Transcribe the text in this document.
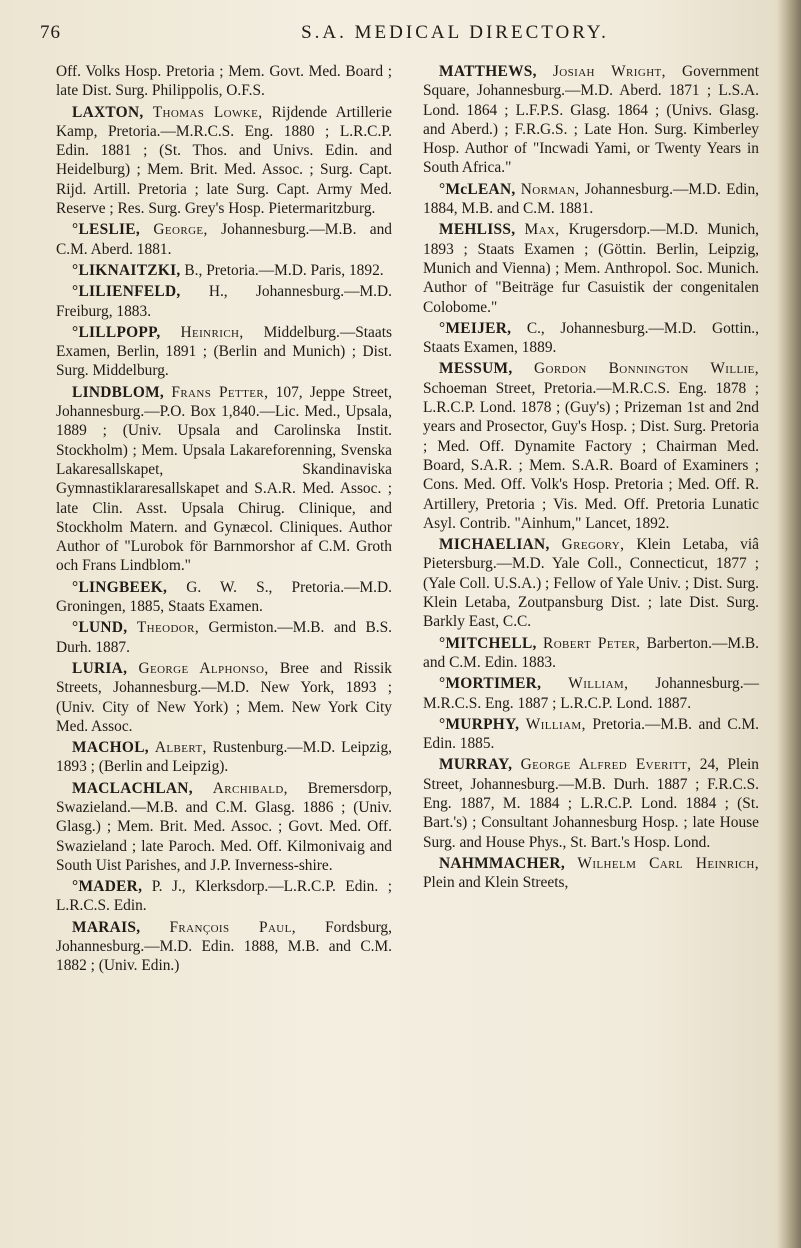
76	S.A. MEDICAL DIRECTORY.

Off. Volks Hosp. Pretoria ; Mem. Govt. Med. Board ; late Dist. Surg. Philippolis, O.F.S.

LAXTON, Thomas Lowke, Rijdende Artillerie Kamp, Pretoria.—M.R.C.S. Eng. 1880 ; L.R.C.P. Edin. 1881 ; (St. Thos. and Univs. Edin. and Heidelburg) ; Mem. Brit. Med. Assoc. ; Surg. Capt. Rijd. Artill. Pretoria ; late Surg. Capt. Army Med. Reserve ; Res. Surg. Grey's Hosp. Pietermaritzburg.

°LESLIE, George, Johannesburg.—M.B. and C.M. Aberd. 1881.

°LIKNAITZKI, B., Pretoria.—M.D. Paris, 1892.

°LILIENFELD, H., Johannesburg.—M.D. Freiburg, 1883.

°LILLPOPP, Heinrich, Middelburg.—Staats Examen, Berlin, 1891 ; (Berlin and Munich) ; Dist. Surg. Middelburg.

LINDBLOM, Frans Petter, 107, Jeppe Street, Johannesburg.—P.O. Box 1,840.—Lic. Med., Upsala, 1889 ; (Univ. Upsala and Carolinska Instit. Stockholm) ; Mem. Upsala Lakareforenning, Svenska Lakaresallskapet, Skandinaviska Gymnastiklararesallskapet and S.A.R. Med. Assoc. ; late Clin. Asst. Upsala Chirug. Clinique, and Stockholm Matern. and Gynæcol. Cliniques. Author Author of "Lurobok för Barnmorshor af C.M. Groth och Frans Lindblom."

°LINGBEEK, G. W. S., Pretoria.—M.D. Groningen, 1885, Staats Examen.

°LUND, Theodor, Germiston.—M.B. and B.S. Durh. 1887.

LURIA, George Alphonso, Bree and Rissik Streets, Johannesburg.—M.D. New York, 1893 ; (Univ. City of New York) ; Mem. New York City Med. Assoc.

MACHOL, Albert, Rustenburg.—M.D. Leipzig, 1893 ; (Berlin and Leipzig).

MACLACHLAN, Archibald, Bremersdorp, Swazieland.—M.B. and C.M. Glasg. 1886 ; (Univ. Glasg.) ; Mem. Brit. Med. Assoc. ; Govt. Med. Off. Swazieland ; late Paroch. Med. Off. Kilmonivaig and South Uist Parishes, and J.P. Inverness-shire.

°MADER, P. J., Klerksdorp.—L.R.C.P. Edin. ; L.R.C.S. Edin.

MARAIS, François Paul, Fordsburg, Johannesburg.—M.D. Edin. 1888, M.B. and C.M. 1882 ; (Univ. Edin.)

MATTHEWS, Josiah Wright, Government Square, Johannesburg.—M.D. Aberd. 1871 ; L.S.A. Lond. 1864 ; L.F.P.S. Glasg. 1864 ; (Univs. Glasg. and Aberd.) ; F.R.G.S. ; Late Hon. Surg. Kimberley Hosp. Author of "Incwadi Yami, or Twenty Years in South Africa."

°McLEAN, Norman, Johannesburg.—M.D. Edin, 1884, M.B. and C.M. 1881.

MEHLISS, Max, Krugersdorp.—M.D. Munich, 1893 ; Staats Examen ; (Göttin. Berlin, Leipzig, Munich and Vienna) ; Mem. Anthropol. Soc. Munich. Author of "Beiträge fur Casuistik der congenitalen Colobome."

°MEIJER, C., Johannesburg.—M.D. Gottin., Staats Examen, 1889.

MESSUM, Gordon Bonnington Willie, Schoeman Street, Pretoria.—M.R.C.S. Eng. 1878 ; L.R.C.P. Lond. 1878 ; (Guy's) ; Prizeman 1st and 2nd years and Prosector, Guy's Hosp. ; Dist. Surg. Pretoria ; Med. Off. Dynamite Factory ; Chairman Med. Board, S.A.R. ; Mem. S.A.R. Board of Examiners ; Cons. Med. Off. Volk's Hosp. Pretoria ; Med. Off. R. Artillery, Pretoria ; Vis. Med. Off. Pretoria Lunatic Asyl. Contrib. "Ainhum," Lancet, 1892.

MICHAELIAN, Gregory, Klein Letaba, viâ Pietersburg.—M.D. Yale Coll., Connecticut, 1877 ; (Yale Coll. U.S.A.) ; Fellow of Yale Univ. ; Dist. Surg. Klein Letaba, Zoutpansburg Dist. ; late Dist. Surg. Barkly East, C.C.

°MITCHELL, Robert Peter, Barberton.—M.B. and C.M. Edin. 1883.

°MORTIMER, William, Johannesburg.—M.R.C.S. Eng. 1887 ; L.R.C.P. Lond. 1887.

°MURPHY, William, Pretoria.—M.B. and C.M. Edin. 1885.

MURRAY, George Alfred Everitt, 24, Plein Street, Johannesburg.—M.B. Durh. 1887 ; F.R.C.S. Eng. 1887, M. 1884 ; L.R.C.P. Lond. 1884 ; (St. Bart.'s) ; Consultant Johannesburg Hosp. ; late House Surg. and House Phys., St. Bart.'s Hosp. Lond.

NAHMMACHER, Wilhelm Carl Heinrich, Plein and Klein Streets,
